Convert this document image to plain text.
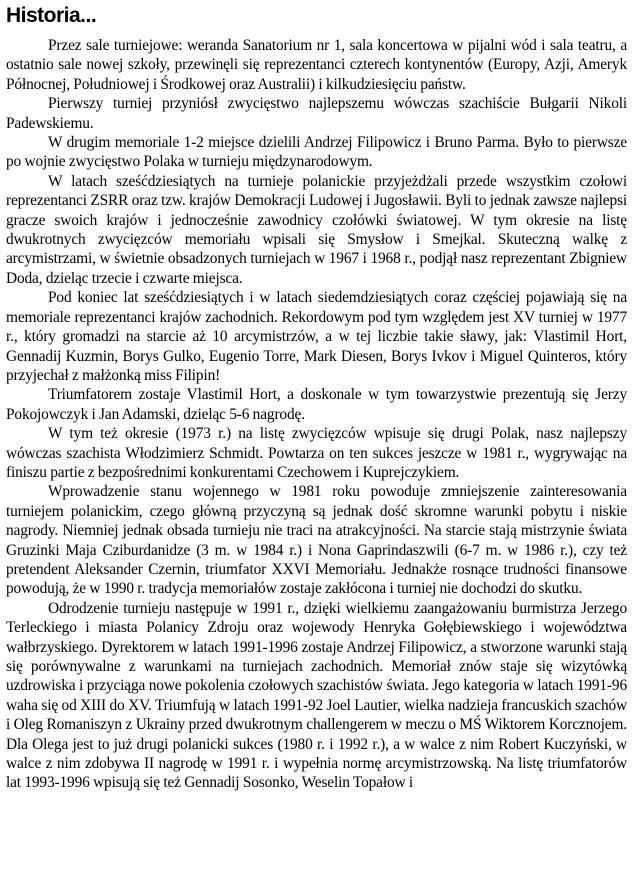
Historia...

Przez sale turniejowe: weranda Sanatorium nr 1, sala koncertowa w pijalni wód i sala teatru, a ostatnio sale nowej szkoły, przewinęli się reprezentanci czterech kontynentów (Europy, Azji, Ameryk Północnej, Południowej i Środkowej oraz Australii) i kilkudziesięciu państw.

Pierwszy turniej przyniósł zwycięstwo najlepszemu wówczas szachiście Bułgarii Nikoli Padewskiemu.

W drugim memoriale 1-2 miejsce dzielili Andrzej Filipowicz i Bruno Parma. Było to pierwsze po wojnie zwycięstwo Polaka w turnieju międzynarodowym.

W latach sześćdziesiątych na turnieje polanickie przyjeżdżali przede wszystkim czołowi reprezentanci ZSRR oraz tzw. krajów Demokracji Ludowej i Jugosławii. Byli to jednak zawsze najlepsi gracze swoich krajów i jednocześnie zawodnicy czołówki światowej. W tym okresie na listę dwukrotnych zwycięzców memoriału wpisali się Smysłow i Smejkal. Skuteczną walkę z arcymistrzami, w świetnie obsadzonych turniejach w 1967 i 1968 r., podjął nasz reprezentant Zbigniew Doda, dzieląc trzecie i czwarte miejsca.

Pod koniec lat sześćdziesiątych i w latach siedemdziesiątych coraz częściej pojawiają się na memoriale reprezentanci krajów zachodnich. Rekordowym pod tym względem jest XV turniej w 1977 r., który gromadzi na starcie aż 10 arcymistrzów, a w tej liczbie takie sławy, jak: Vlastimil Hort, Gennadij Kuzmin, Borys Gulko, Eugenio Torre, Mark Diesen, Borys Ivkov i Miguel Quinteros, który przyjechał z małżonką miss Filipin!

Triumfatorem zostaje Vlastimil Hort, a doskonale w tym towarzystwie prezentują się Jerzy Pokojowczyk i Jan Adamski, dzieląc 5-6 nagrodę.

W tym też okresie (1973 r.) na listę zwycięzców wpisuje się drugi Polak, nasz najlepszy wówczas szachista Włodzimierz Schmidt. Powtarza on ten sukces jeszcze w 1981 r., wygrywając na finiszu partie z bezpośrednimi konkurentami Czechowem i Kuprejczykiem.

Wprowadzenie stanu wojennego w 1981 roku powoduje zmniejszenie zainteresowania turniejem polanickim, czego główną przyczyną są jednak dość skromne warunki pobytu i niskie nagrody. Niemniej jednak obsada turnieju nie traci na atrakcyjności. Na starcie stają mistrzynie świata Gruzinki Maja Cziburdanidze (3 m. w 1984 r.) i Nona Gaprindaszwili (6-7 m. w 1986 r.), czy też pretendent Aleksander Czernin, triumfator XXVI Memoriału. Jednakże rosnące trudności finansowe powodują, że w 1990 r. tradycja memoriałów zostaje zakłócona i turniej nie dochodzi do skutku.

Odrodzenie turnieju następuje w 1991 r., dzięki wielkiemu zaangażowaniu burmistrza Jerzego Terleckiego i miasta Polanicy Zdroju oraz wojewody Henryka Gołębiewskiego i województwa wałbrzyskiego. Dyrektorem w latach 1991-1996 zostaje Andrzej Filipowicz, a stworzone warunki stają się porównywalne z warunkami na turniejach zachodnich. Memoriał znów staje się wizytówką uzdrowiska i przyciąga nowe pokolenia czołowych szachistów świata. Jego kategoria w latach 1991-96 waha się od XIII do XV. Triumfują w latach 1991-92 Joel Lautier, wielka nadzieja francuskich szachów i Oleg Romaniszyn z Ukrainy przed dwukrotnym challengerem w meczu o MŚ Wiktorem Korcznojem. Dla Olega jest to już drugi polanicki sukces (1980 r. i 1992 r.), a w walce z nim Robert Kuczyński, w walce z nim zdobywa II nagrodę w 1991 r. i wypełnia normę arcymistrzowską. Na listę triumfatorów lat 1993-1996 wpisują się też Gennadij Sosonko, Weselin Topałow i
